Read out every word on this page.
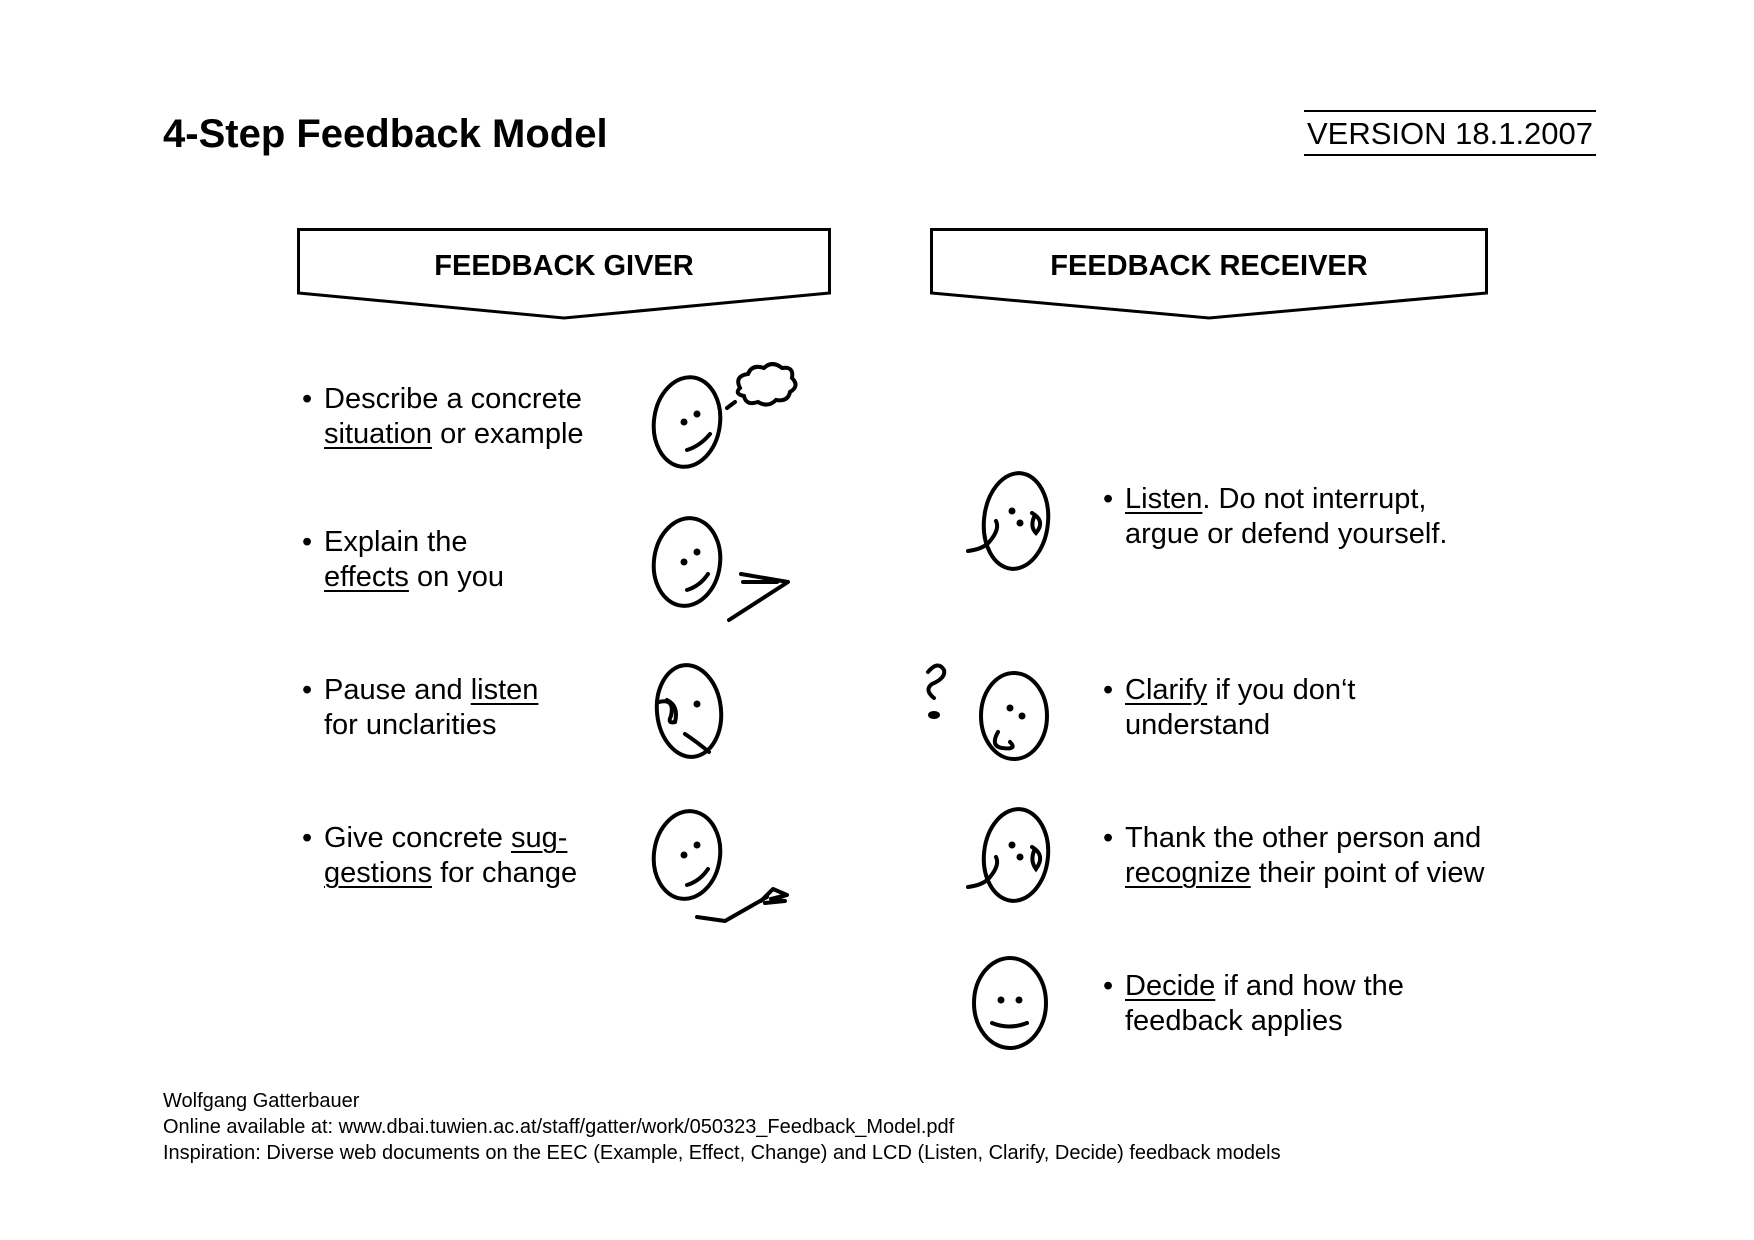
4-Step Feedback Model	VERSION 18.1.2007
FEEDBACK GIVER	FEEDBACK RECEIVER
• Describe a concrete
situation or example
• Explain the
effects on you
• Pause and listen
for unclarities
• Give concrete sug-
gestions for change
• Listen. Do not interrupt,
argue or defend yourself.
• Clarify if you don‘t
understand
• Thank the other person and
recognize their point of view
• Decide if and how the
feedback applies
Wolfgang Gatterbauer
Online available at: www.dbai.tuwien.ac.at/staff/gatter/work/050323_Feedback_Model.pdf
Inspiration: Diverse web documents on the EEC (Example, Effect, Change) and LCD (Listen, Clarify, Decide) feedback models
